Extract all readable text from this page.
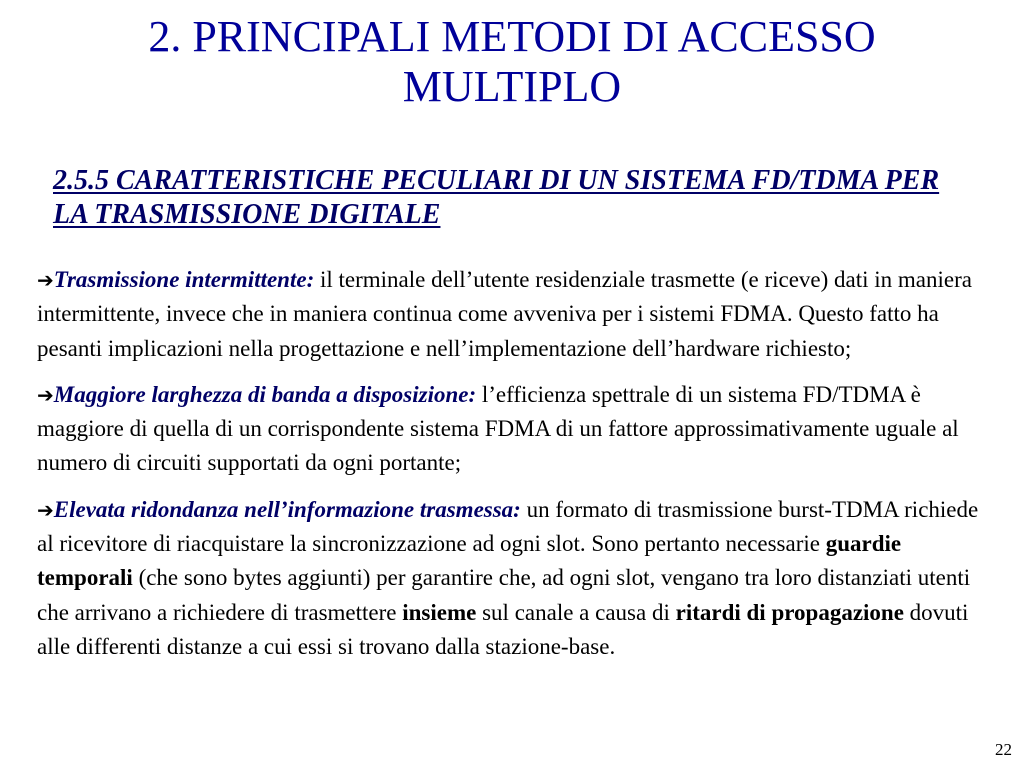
2. PRINCIPALI METODI DI ACCESSO MULTIPLO
2.5.5 CARATTERISTICHE PECULIARI DI UN SISTEMA FD/TDMA PER LA TRASMISSIONE DIGITALE
➔Trasmissione intermittente: il terminale dell’utente residenziale trasmette (e riceve) dati in maniera intermittente, invece che in maniera continua come avveniva per i sistemi FDMA. Questo fatto ha pesanti implicazioni nella progettazione e nell’implementazione dell’hardware richiesto;
➔Maggiore larghezza di banda a disposizione: l’efficienza spettrale di un sistema FD/TDMA è maggiore di quella di un corrispondente sistema FDMA di un fattore approssimativamente uguale al numero di circuiti supportati da ogni portante;
➔Elevata ridondanza nell’informazione trasmessa: un formato di trasmissione burst-TDMA richiede al ricevitore di riacquistare la sincronizzazione ad ogni slot. Sono pertanto necessarie guardie temporali (che sono bytes aggiunti) per garantire che, ad ogni slot, vengano tra loro distanziati utenti che arrivano a richiedere di trasmettere insieme sul canale a causa di ritardi di propagazione dovuti alle differenti distanze a cui essi si trovano dalla stazione-base.
22
